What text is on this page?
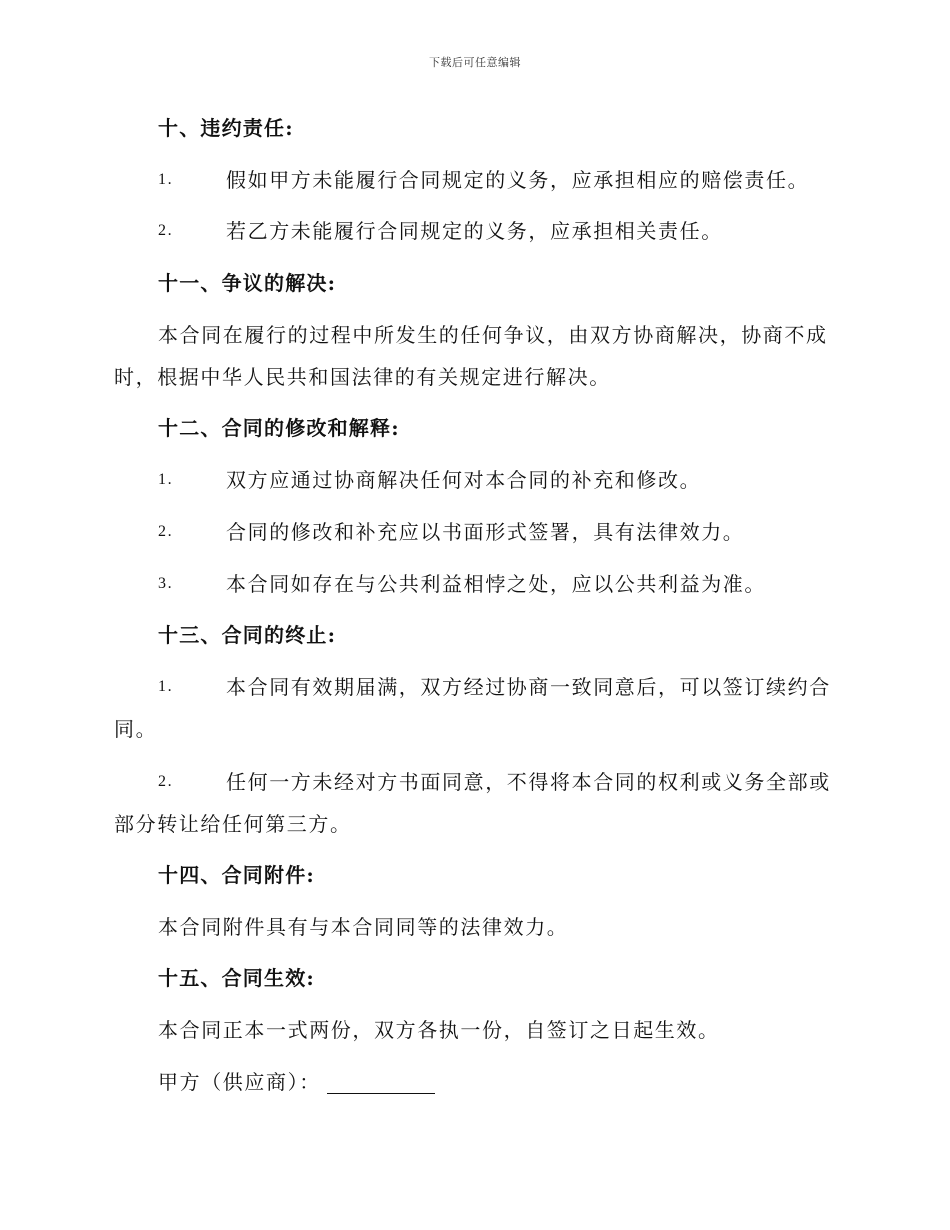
下载后可任意编辑
十、违约责任:
1.	假如甲方未能履行合同规定的义务，应承担相应的赔偿责任。
2.	若乙方未能履行合同规定的义务，应承担相关责任。
十一、争议的解决:
本合同在履行的过程中所发生的任何争议，由双方协商解决，协商不成
时，根据中华人民共和国法律的有关规定进行解决。
十二、合同的修改和解释:
1.	双方应通过协商解决任何对本合同的补充和修改。
2.	合同的修改和补充应以书面形式签署，具有法律效力。
3.	本合同如存在与公共利益相悖之处，应以公共利益为准。
十三、合同的终止:
1.	本合同有效期届满，双方经过协商一致同意后，可以签订续约合
同。
2.	任何一方未经对方书面同意，不得将本合同的权利或义务全部或
部分转让给任何第三方。
十四、合同附件:
本合同附件具有与本合同同等的法律效力。
十五、合同生效:
本合同正本一式两份，双方各执一份，自签订之日起生效。
甲方（供应商）：
